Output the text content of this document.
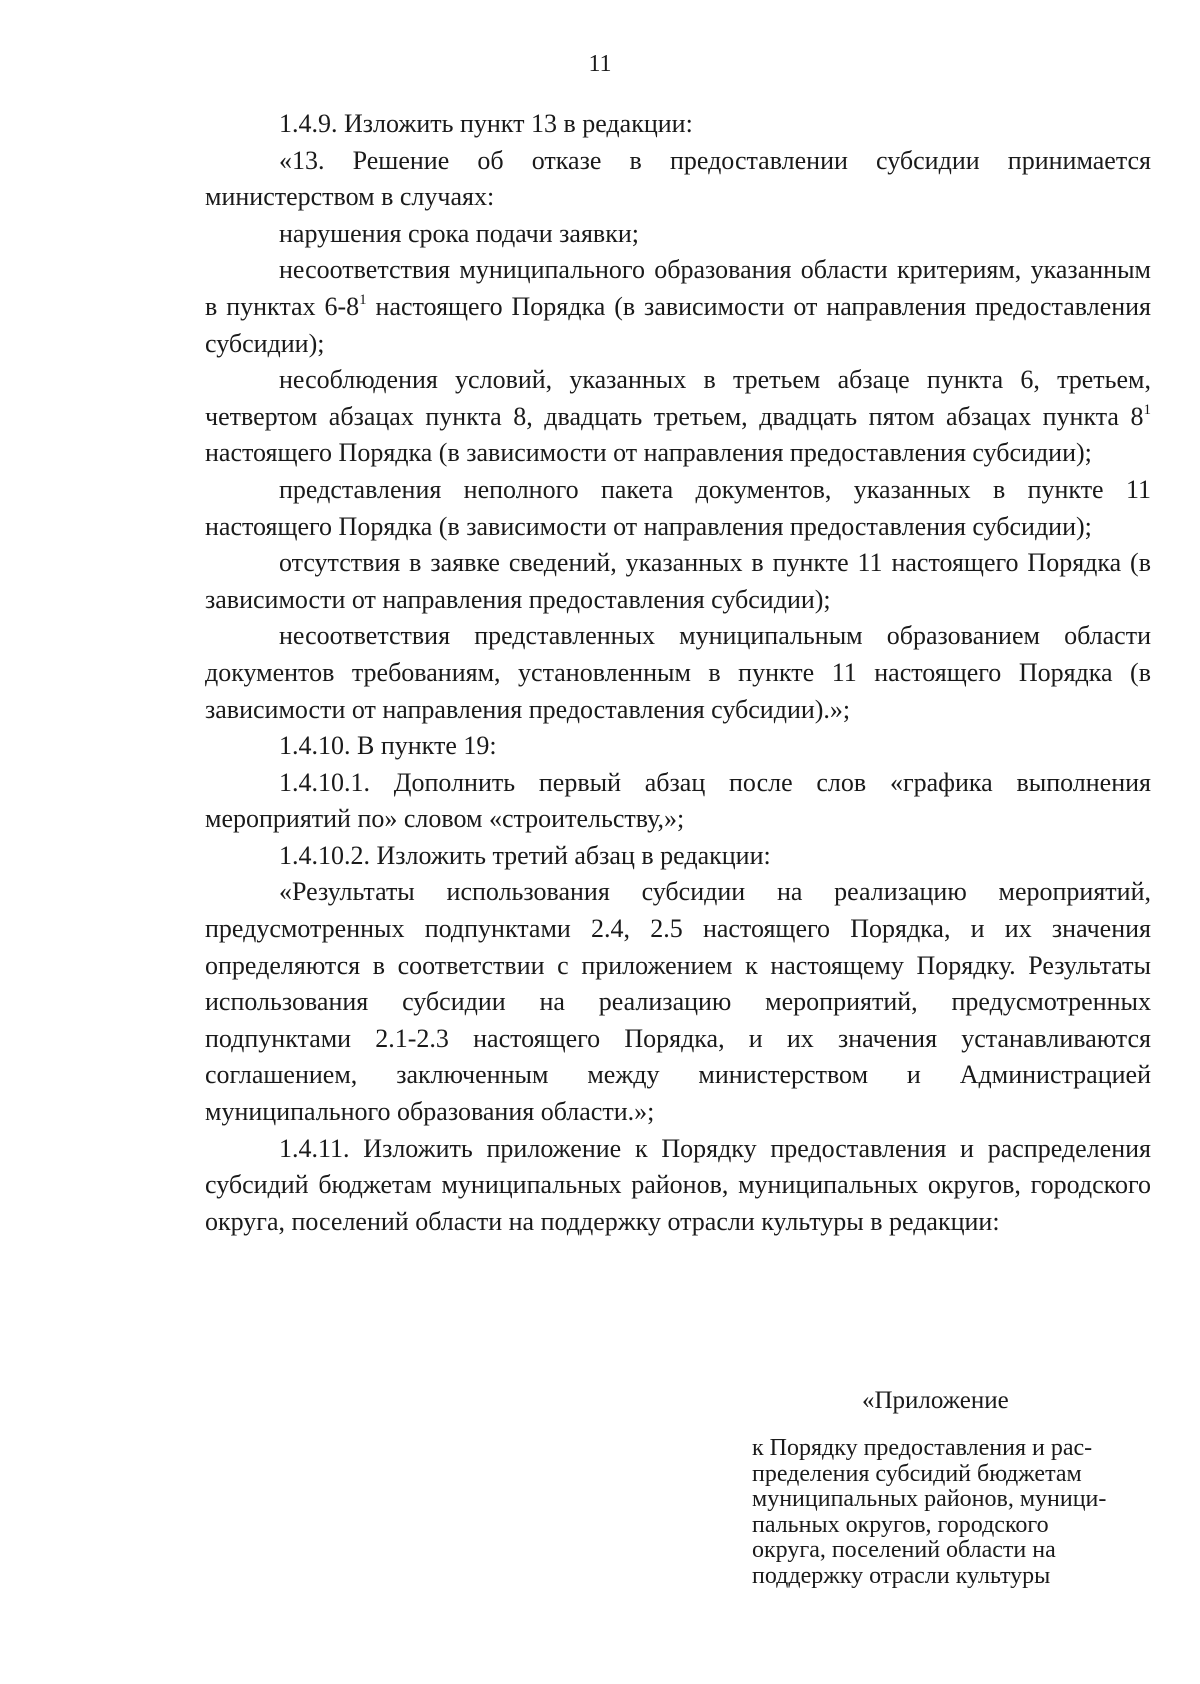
11

1.4.9. Изложить пункт 13 в редакции:

«13. Решение об отказе в предоставлении субсидии принимается министерством в случаях:

нарушения срока подачи заявки;

несоответствия муниципального образования области критериям, указанным в пунктах $6-8^1$ настоящего Порядка (в зависимости от направления предоставления субсидии);

несоблюдения условий, указанных в третьем абзаце пункта 6, третьем, четвертом абзацах пункта 8, двадцать третьем, двадцать пятом абзацах пункта $8^1$ настоящего Порядка (в зависимости от направления предоставления субсидии);

представления неполного пакета документов, указанных в пункте 11 настоящего Порядка (в зависимости от направления предоставления субсидии);

отсутствия в заявке сведений, указанных в пункте 11 настоящего Порядка (в зависимости от направления предоставления субсидии);

несоответствия представленных муниципальным образованием области документов требованиям, установленным в пункте 11 настоящего Порядка (в зависимости от направления предоставления субсидии).»;

1.4.10. В пункте 19:

1.4.10.1. Дополнить первый абзац после слов «графика выполнения мероприятий по» словом «строительству,»;

1.4.10.2. Изложить третий абзац в редакции:

«Результаты использования субсидии на реализацию мероприятий, предусмотренных подпунктами 2.4, 2.5 настоящего Порядка, и их значения определяются в соответствии с приложением к настоящему Порядку. Результаты использования субсидии на реализацию мероприятий, предусмотренных подпунктами 2.1-2.3 настоящего Порядка, и их значения устанавливаются соглашением, заключенным между министерством и Администрацией муниципального образования области.»;

1.4.11. Изложить приложение к Порядку предоставления и распределения субсидий бюджетам муниципальных районов, муниципальных округов, городского округа, поселений области на поддержку отрасли культуры в редакции:

«Приложение
к Порядку предоставления и рас-
пределения субсидий бюджетам
муниципальных районов, муници-
пальных округов, городского
округа, поселений области на
поддержку отрасли культуры
